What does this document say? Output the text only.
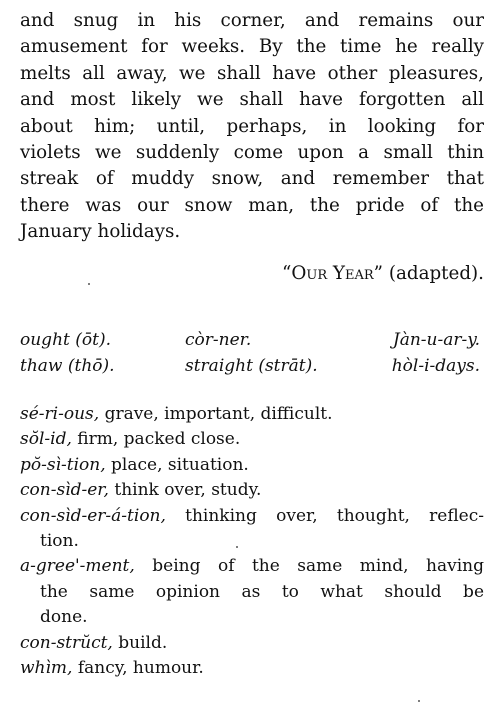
and snug in his corner, and remains our
amusement for weeks. By the time he really
melts all away, we shall have other pleasures,
and most likely we shall have forgotten all
about him; until, perhaps, in looking for
violets we suddenly come upon a small thin
streak of muddy snow, and remember that
there was our snow man, the pride of the
January holidays.
“Our Year” (adapted).
ought (ōt).	còr-ner.	Jàn-u-ar-y.
thaw (thō).	straight (strāt).	hòl-i-days.
sé-ri-ous, grave, important, difficult.
sŏl-id, firm, packed close.
pŏ-sì-tion, place, situation.
con-sìd-er, think over, study.
con-sìd-er-á-tion, thinking over, thought, reflec-
tion.
a-gree'-ment, being of the same mind, having
the same opinion as to what should be
done.
con-strŭct, build.
whìm, fancy, humour.
